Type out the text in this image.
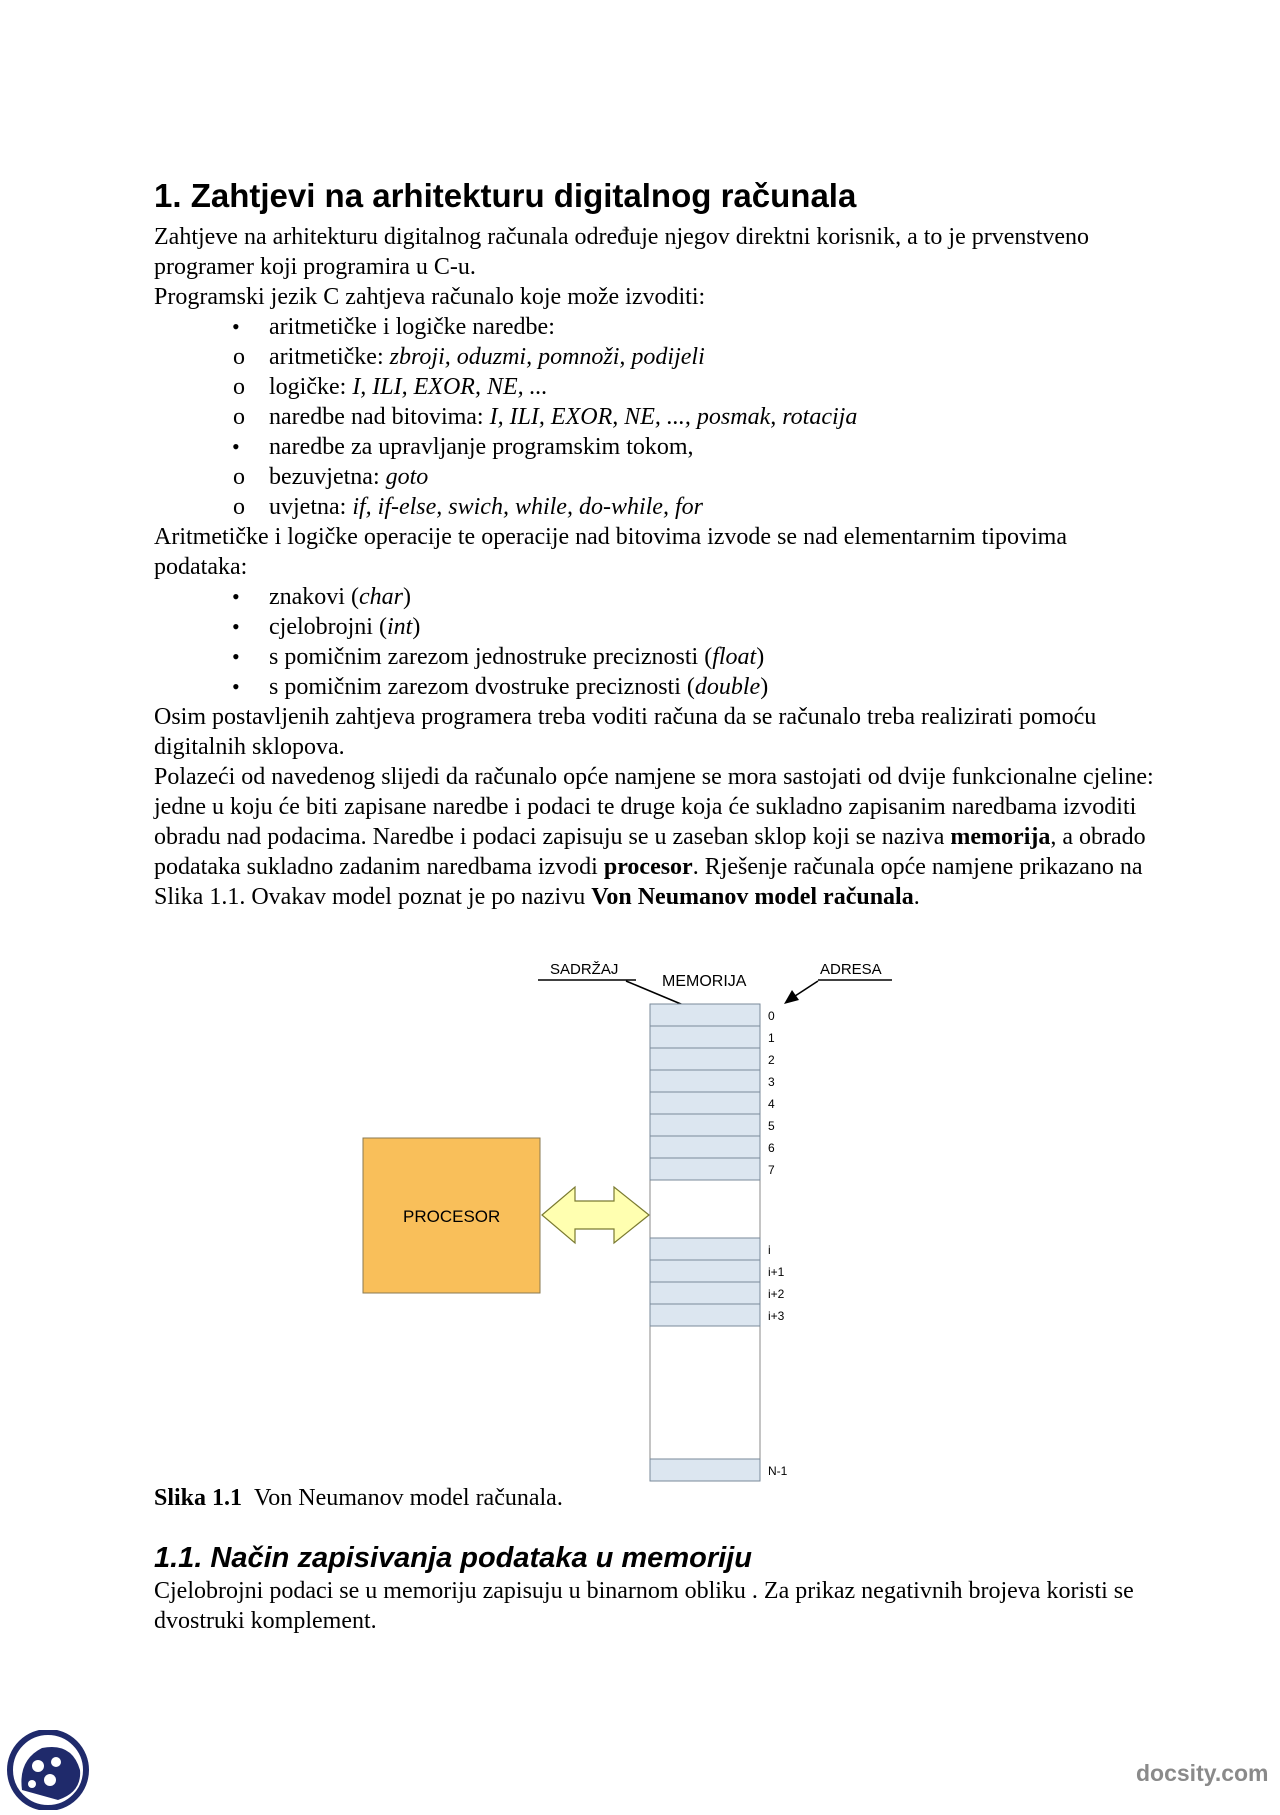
1. Zahtjevi na arhitekturu digitalnog računala

Zahtjeve na arhitekturu digitalnog računala određuje njegov direktni korisnik, a to je prvenstveno programer koji programira u C-u.

Programski jezik C zahtjeva računalo koje može izvoditi:

• aritmetičke i logičke naredbe:
o aritmetičke: zbroji, oduzmi, pomnoži, podijeli
o logičke: I, ILI, EXOR, NE, ...
o naredbe nad bitovima: I, ILI, EXOR, NE, ..., posmak, rotacija
• naredbe za upravljanje programskim tokom,
o bezuvjetna: goto
o uvjetna: if, if-else, swich, while, do-while, for

Aritmetičke i logičke operacije te operacije nad bitovima izvode se nad elementarnim tipovima podataka:

• znakovi (char)
• cjelobrojni (int)
• s pomičnim zarezom jednostruke preciznosti (float)
• s pomičnim zarezom dvostruke preciznosti (double)

Osim postavljenih zahtjeva programera treba voditi računa da se računalo treba realizirati pomoću digitalnih sklopova.

Polazeći od navedenog slijedi da računalo opće namjene se mora sastojati od dvije funkcionalne cjeline: jedne u koju će biti zapisane naredbe i podaci te druge koja će sukladno zapisanim naredbama izvoditi obradu nad podacima. Naredbe i podaci zapisuju se u zaseban sklop koji se naziva memorija, a obrado podataka sukladno zadanim naredbama izvodi procesor. Rješenje računala opće namjene prikazano na Slika 1.1. Ovakav model poznat je po nazivu Von Neumanov model računala.

SADRŽAJ
MEMORIJA
ADRESA
PROCESOR
0
1
2
3
4
5
6
7
i
i+1
i+2
i+3
N-1
Slika 1.1 Von Neumanov model računala.
1.1. Način zapisivanja podataka u memoriju

Cjelobrojni podaci se u memoriju zapisuju u binarnom obliku . Za prikaz negativnih brojeva koristi se dvostruki komplement.

docsity.com
